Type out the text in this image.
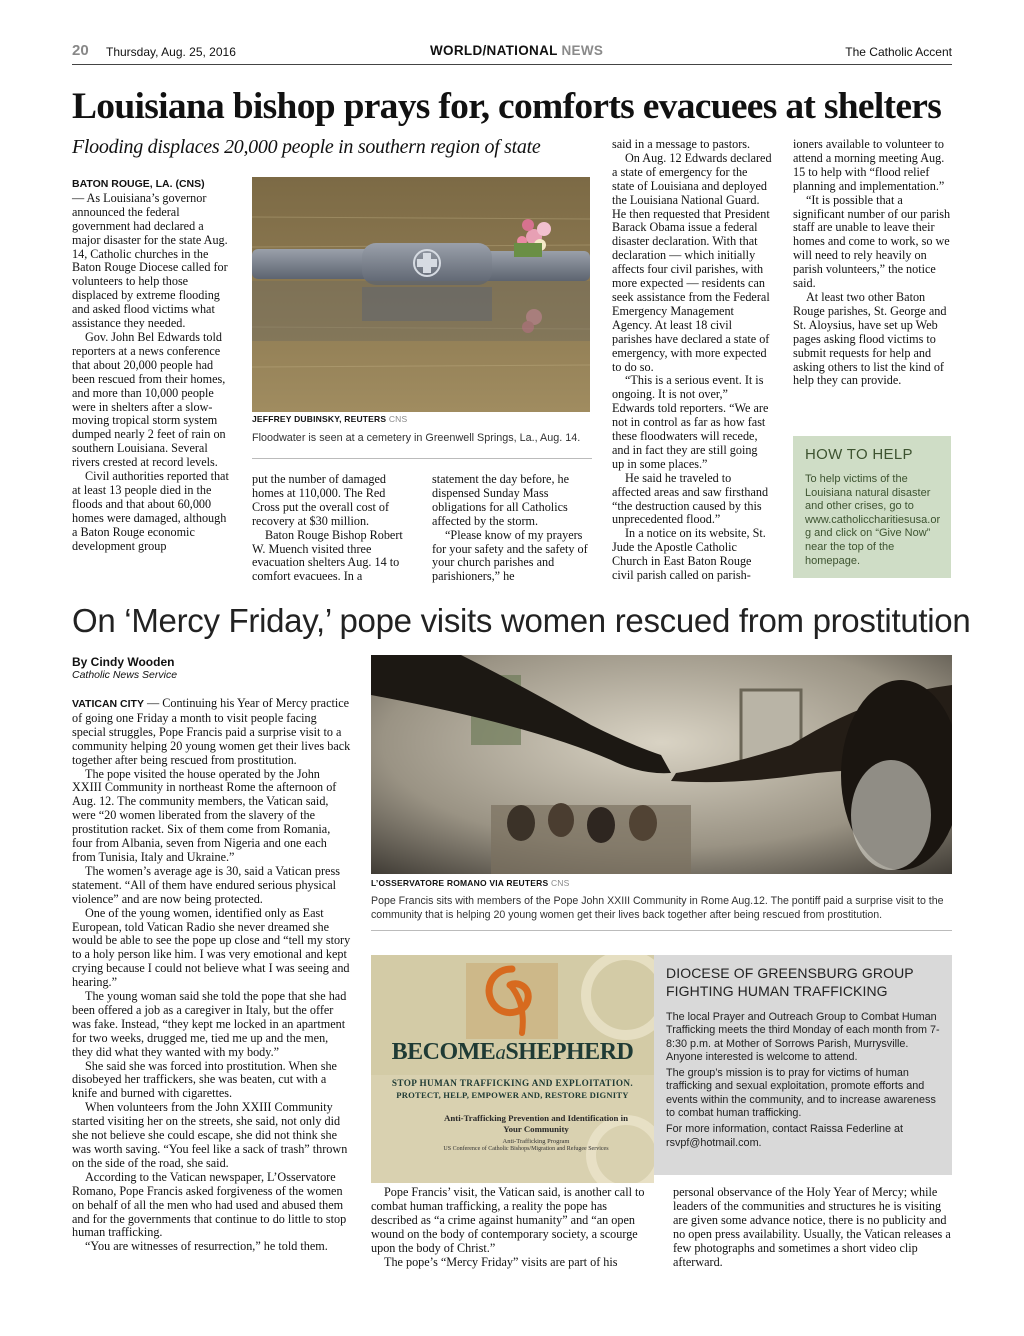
20 Thursday, Aug. 25, 2016	WORLD/NATIONAL NEWS	The Catholic Accent
Louisiana bishop prays for, comforts evacuees at shelters
Flooding displaces 20,000 people in southern region of state
BATON ROUGE, LA. (CNS)

— As Louisiana’s governor announced the federal government had declared a major disaster for the state Aug. 14, Catholic churches in the Baton Rouge Diocese called for volunteers to help those displaced by extreme flooding and asked flood victims what assistance they needed.

Gov. John Bel Edwards told reporters at a news conference that about 20,000 people had been rescued from their homes, and more than 10,000 people were in shelters after a slow-moving tropical storm system dumped nearly 2 feet of rain on southern Louisiana. Several rivers crested at record levels.

Civil authorities reported that at least 13 people died in the floods and that about 60,000 homes were damaged, although a Baton Rouge economic development group

JEFFREY DUBINSKY, REUTERS CNS
Floodwater is seen at a cemetery in Greenwell Springs, La., Aug. 14.

put the number of damaged homes at 110,000. The Red Cross put the overall cost of recovery at $30 million.

Baton Rouge Bishop Robert W. Muench visited three evacuation shelters Aug. 14 to comfort evacuees. In a

statement the day before, he dispensed Sunday Mass obligations for all Catholics affected by the storm.

“Please know of my prayers for your safety and the safety of your church parishes and parishioners,” he

said in a message to pastors.

On Aug. 12 Edwards declared a state of emergency for the state of Louisiana and deployed the Louisiana National Guard. He then requested that President Barack Obama issue a federal disaster declaration. With that declaration — which initially affects four civil parishes, with more expected — residents can seek assistance from the Federal Emergency Management Agency. At least 18 civil parishes have declared a state of emergency, with more expected to do so.

“This is a serious event. It is ongoing. It is not over,” Edwards told reporters. “We are not in control as far as how fast these floodwaters will recede, and in fact they are still going up in some places.”

He said he traveled to affected areas and saw firsthand “the destruction caused by this unprecedented flood.”

In a notice on its website, St. Jude the Apostle Catholic Church in East Baton Rouge civil parish called on parish-

ioners available to volunteer to attend a morning meeting Aug. 15 to help with “flood relief planning and implementation.”

“It is possible that a significant number of our parish staff are unable to leave their homes and come to work, so we will need to rely heavily on parish volunteers,” the notice said.

At least two other Baton Rouge parishes, St. George and St. Aloysius, have set up Web pages asking flood victims to submit requests for help and asking others to list the kind of help they can provide.

HOW TO HELP
To help victims of the Louisiana natural disaster and other crises, go to www.catholiccharitiesusa.org and click on “Give Now” near the top of the homepage.
On ‘Mercy Friday,’ pope visits women rescued from prostitution
By Cindy Wooden
Catholic News Service
VATICAN CITY — Continuing his Year of Mercy practice of going one Friday a month to visit people facing special struggles, Pope Francis paid a surprise visit to a community helping 20 young women get their lives back together after being rescued from prostitution.

The pope visited the house operated by the John XXIII Community in northeast Rome the afternoon of Aug. 12. The community members, the Vatican said, were “20 women liberated from the slavery of the prostitution racket. Six of them come from Romania, four from Albania, seven from Nigeria and one each from Tunisia, Italy and Ukraine.”

The women’s average age is 30, said a Vatican press statement. “All of them have endured serious physical violence” and are now being protected.

One of the young women, identified only as East European, told Vatican Radio she never dreamed she would be able to see the pope up close and “tell my story to a holy person like him. I was very emotional and kept crying because I could not believe what I was seeing and hearing.”

The young woman said she told the pope that she had been offered a job as a caregiver in Italy, but the offer was fake. Instead, “they kept me locked in an apartment for two weeks, drugged me, tied me up and the men, they did what they wanted with my body.”

She said she was forced into prostitution. When she disobeyed her traffickers, she was beaten, cut with a knife and burned with cigarettes.

When volunteers from the John XXIII Community started visiting her on the streets, she said, not only did she not believe she could escape, she did not think she was worth saving. “You feel like a sack of trash” thrown on the side of the road, she said.

According to the Vatican newspaper, L’Osservatore Romano, Pope Francis asked forgiveness of the women on behalf of all the men who had used and abused them and for the governments that continue to do little to stop human trafficking.

“You are witnesses of resurrection,” he told them.

L’OSSERVATORE ROMANO VIA REUTERS CNS
Pope Francis sits with members of the Pope John XXIII Community in Rome Aug.12. The pontiff paid a surprise visit to the community that is helping 20 young women get their lives back together after being rescued from prostitution.
BECOMEaSHEPHERD
STOP HUMAN TRAFFICKING AND EXPLOITATION.
PROTECT, HELP, EMPOWER AND, RESTORE DIGNITY
Anti-Trafficking Prevention and Identification in Your Community
Anti-Trafficking Program
US Conference of Catholic Bishops/Migration and Refugee Services
DIOCESE OF GREENSBURG GROUP FIGHTING HUMAN TRAFFICKING
The local Prayer and Outreach Group to Combat Human Trafficking meets the third Monday of each month from 7-8:30 p.m. at Mother of Sorrows Parish, Murrysville. Anyone interested is welcome to attend.
The group’s mission is to pray for victims of human trafficking and sexual exploitation, promote efforts and events within the community, and to increase awareness to combat human trafficking.
For more information, contact Raissa Federline at rsvpf@hotmail.com.

Pope Francis’ visit, the Vatican said, is another call to combat human trafficking, a reality the pope has described as “a crime against humanity” and “an open wound on the body of contemporary society, a scourge upon the body of Christ.”

The pope’s “Mercy Friday” visits are part of his

personal observance of the Holy Year of Mercy; while leaders of the communities and structures he is visiting are given some advance notice, there is no publicity and no open press availability. Usually, the Vatican releases a few photographs and sometimes a short video clip afterward.
